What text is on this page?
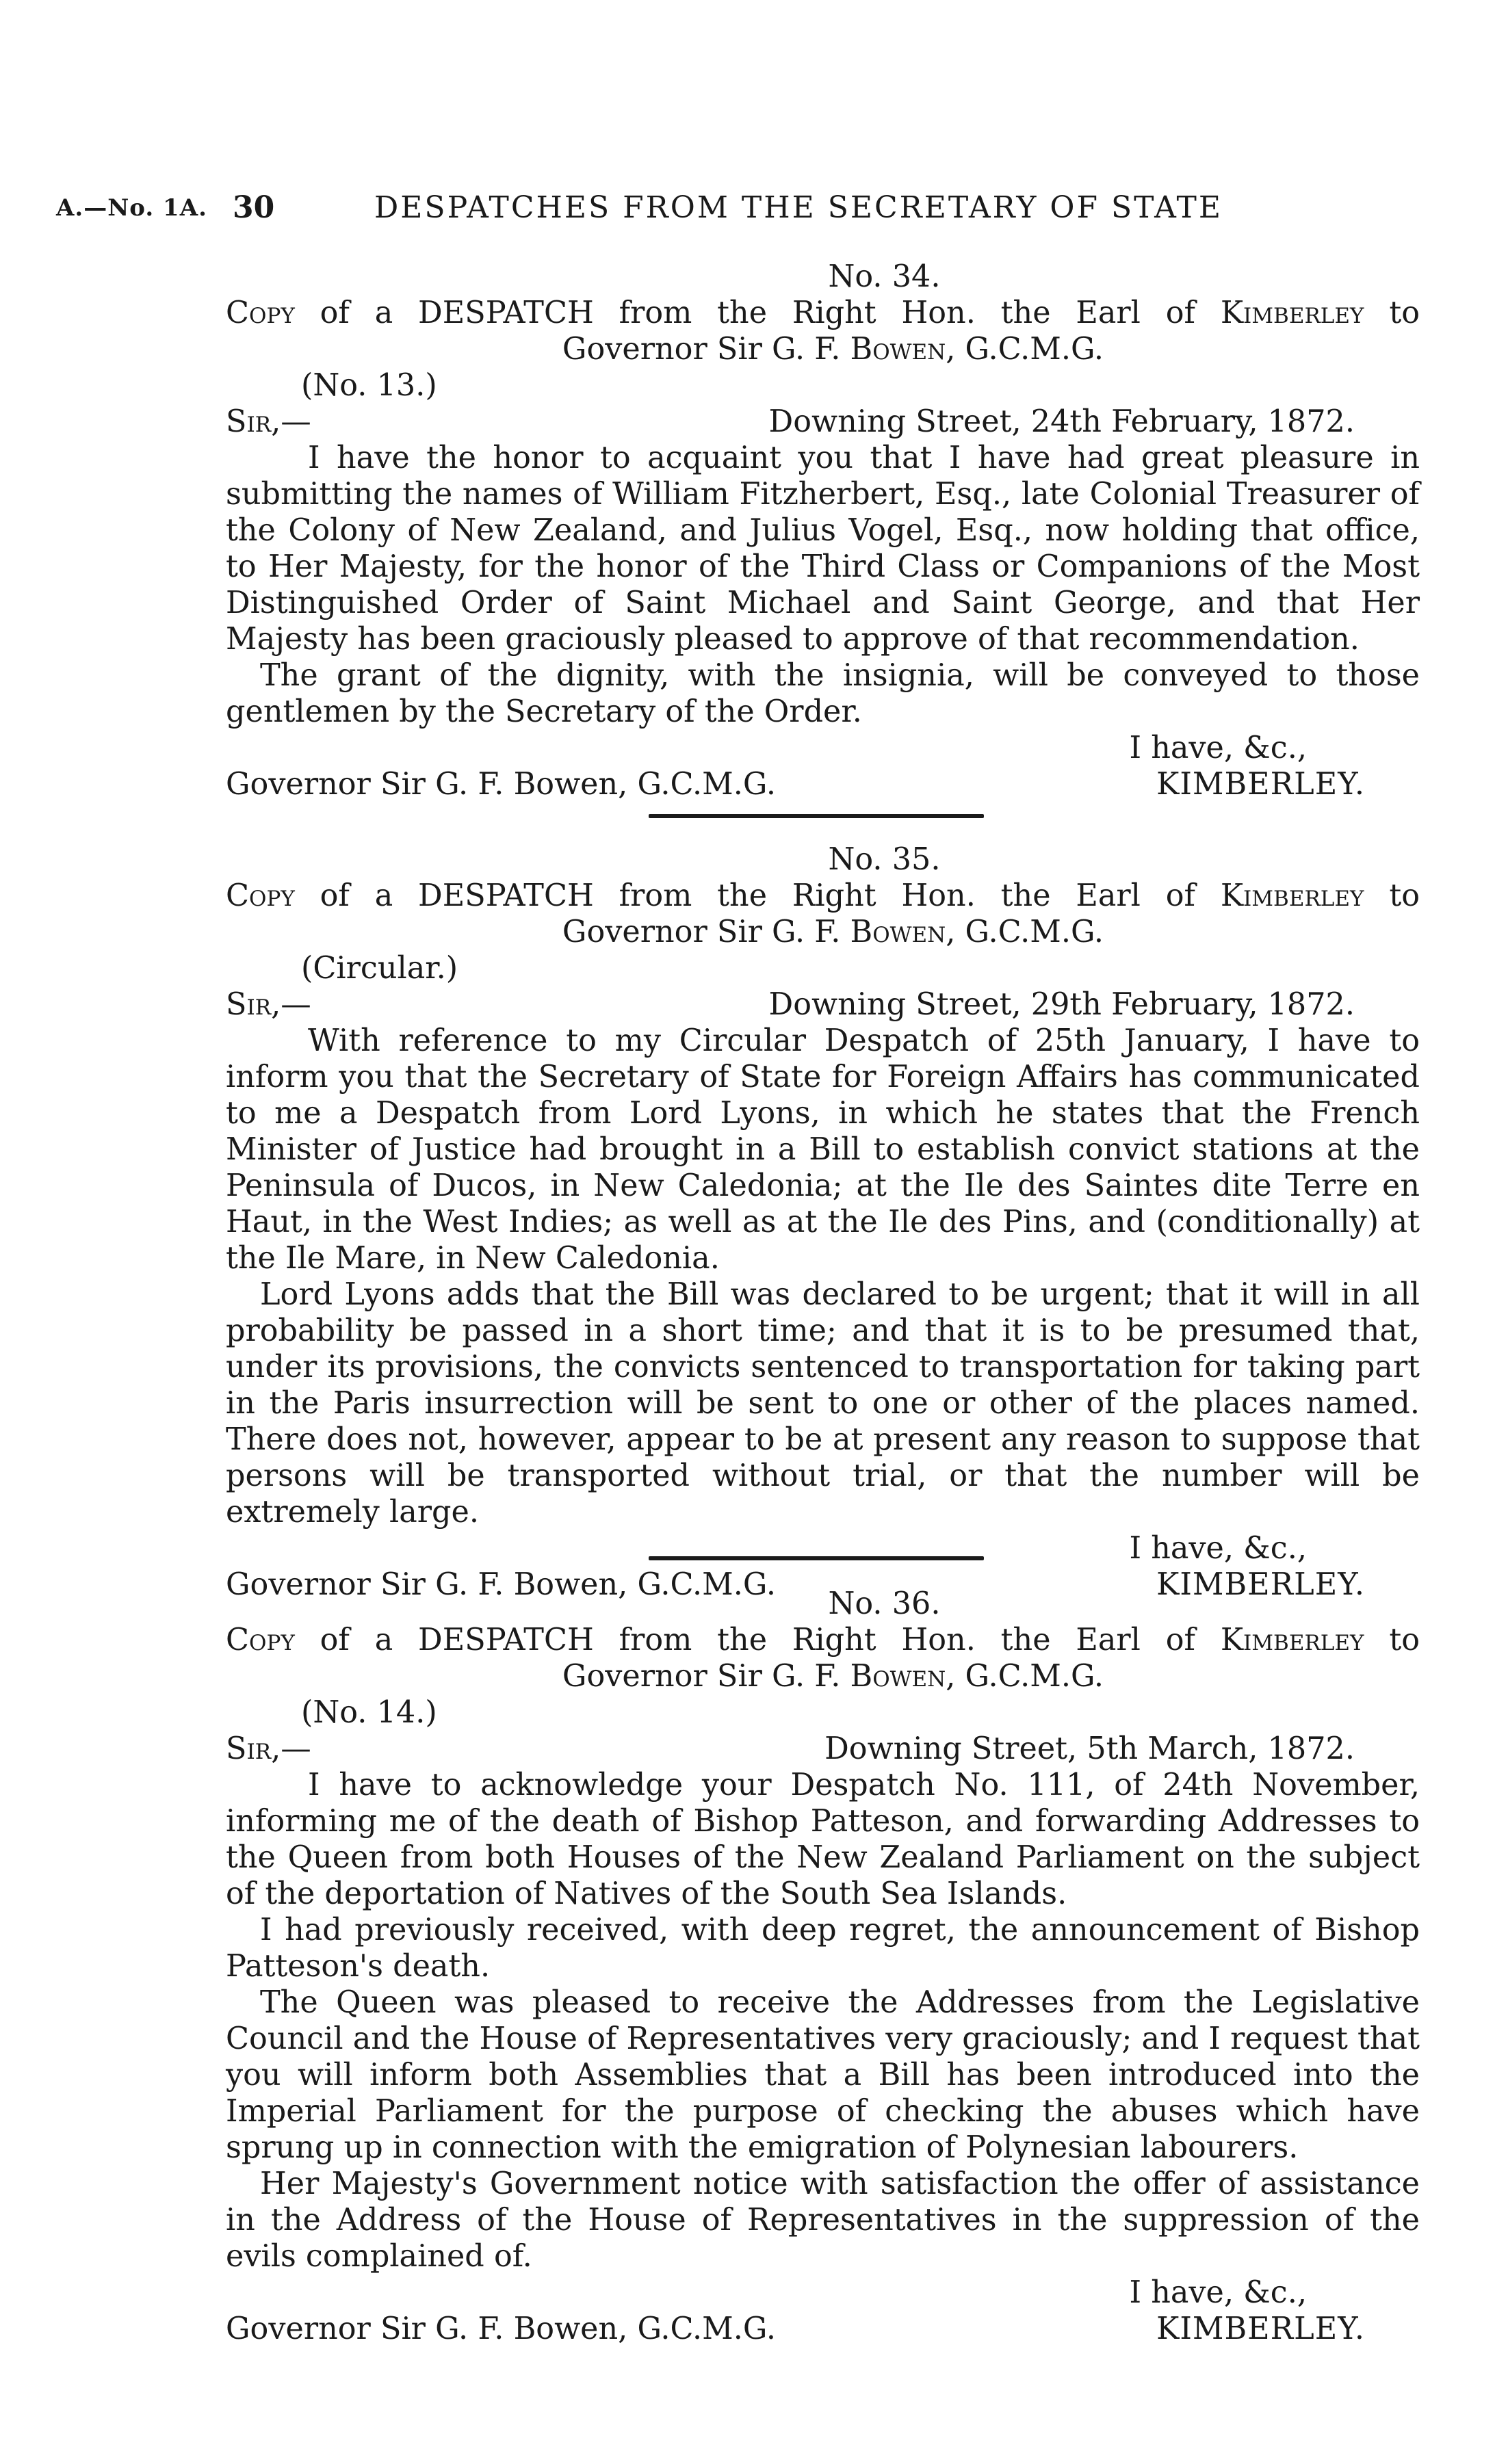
A.—No. 1A. 30	DESPATCHES FROM THE SECRETARY OF STATE
No. 34.
Copy of a DESPATCH from the Right Hon. the Earl of Kimberley to
Governor Sir G. F. Bowen, G.C.M.G.
(No. 13.)
Sir,—	Downing Street, 24th February, 1872.

I have the honor to acquaint you that I have had great pleasure in submitting the names of William Fitzherbert, Esq., late Colonial Treasurer of the Colony of New Zealand, and Julius Vogel, Esq., now holding that office, to Her Majesty, for the honor of the Third Class or Companions of the Most Distinguished Order of Saint Michael and Saint George, and that Her Majesty has been graciously pleased to approve of that recommendation.

The grant of the dignity, with the insignia, will be conveyed to those gentlemen by the Secretary of the Order.

I have, &c.,
Governor Sir G. F. Bowen, G.C.M.G.	KIMBERLEY.
No. 35.
Copy of a DESPATCH from the Right Hon. the Earl of Kimberley to
Governor Sir G. F. Bowen, G.C.M.G.
(Circular.)
Sir,—	Downing Street, 29th February, 1872.

With reference to my Circular Despatch of 25th January, I have to inform you that the Secretary of State for Foreign Affairs has communicated to me a Despatch from Lord Lyons, in which he states that the French Minister of Justice had brought in a Bill to establish convict stations at the Peninsula of Ducos, in New Caledonia; at the Ile des Saintes dite Terre en Haut, in the West Indies; as well as at the Ile des Pins, and (conditionally) at the Ile Mare, in New Caledonia.

Lord Lyons adds that the Bill was declared to be urgent; that it will in all probability be passed in a short time; and that it is to be presumed that, under its provisions, the convicts sentenced to transportation for taking part in the Paris insurrection will be sent to one or other of the places named. There does not, however, appear to be at present any reason to suppose that persons will be transported without trial, or that the number will be extremely large.

I have, &c.,
Governor Sir G. F. Bowen, G.C.M.G.	KIMBERLEY.
No. 36.
Copy of a DESPATCH from the Right Hon. the Earl of Kimberley to
Governor Sir G. F. Bowen, G.C.M.G.
(No. 14.)
Sir,—	Downing Street, 5th March, 1872.

I have to acknowledge your Despatch No. 111, of 24th November, informing me of the death of Bishop Patteson, and forwarding Addresses to the Queen from both Houses of the New Zealand Parliament on the subject of the deportation of Natives of the South Sea Islands.

I had previously received, with deep regret, the announcement of Bishop Patteson's death.

The Queen was pleased to receive the Addresses from the Legislative Council and the House of Representatives very graciously; and I request that you will inform both Assemblies that a Bill has been introduced into the Imperial Parliament for the purpose of checking the abuses which have sprung up in connection with the emigration of Polynesian labourers.

Her Majesty's Government notice with satisfaction the offer of assistance in the Address of the House of Representatives in the suppression of the evils complained of.

I have, &c.,
Governor Sir G. F. Bowen, G.C.M.G.	KIMBERLEY.
